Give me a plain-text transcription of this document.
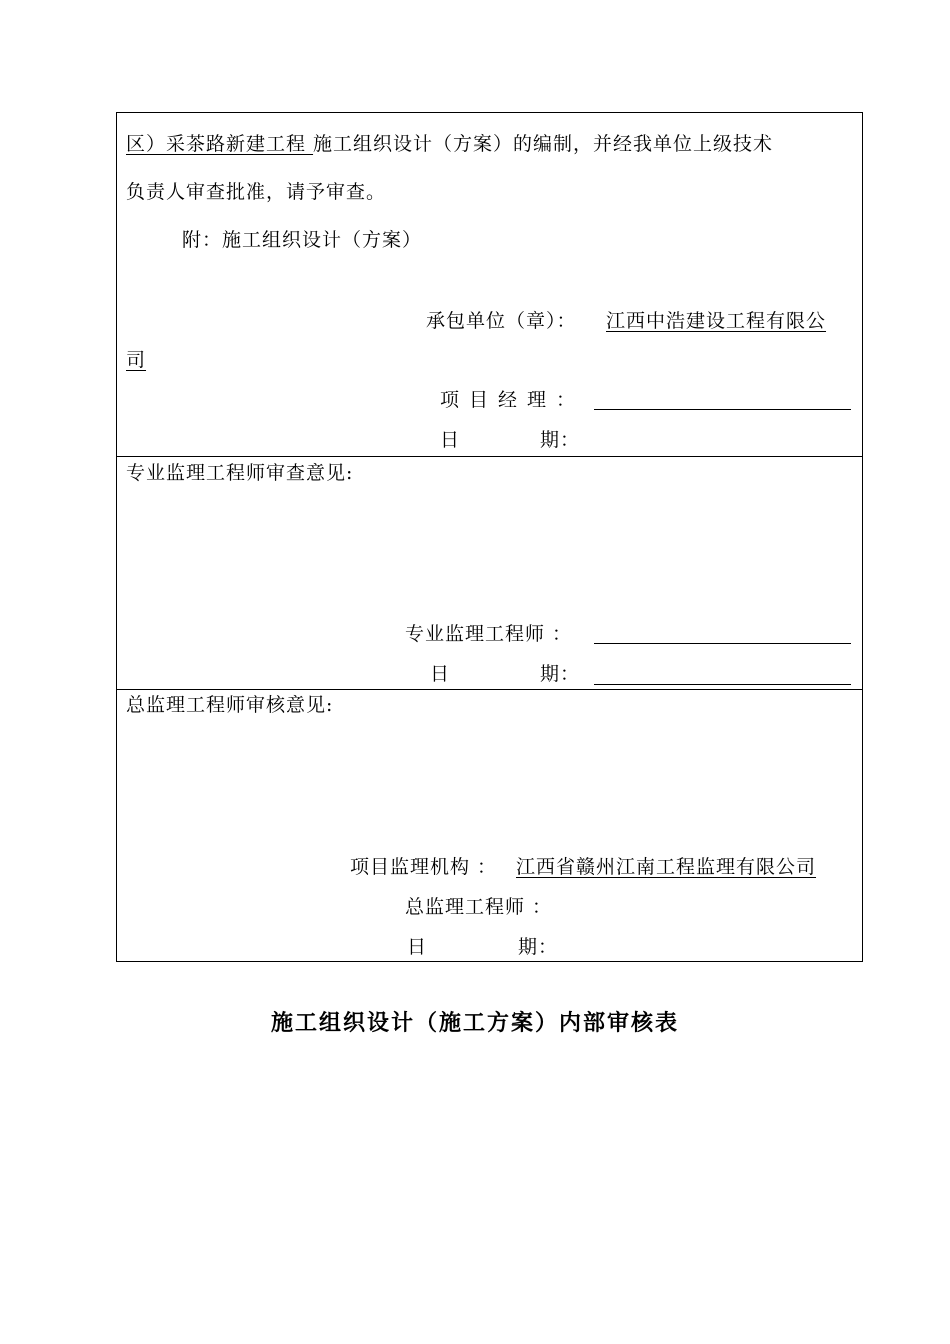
区）采茶路新建工程 施工组织设计（方案）的编制，并经我单位上级技术
负责人审查批准，请予审查。
附：施工组织设计（方案）
承包单位（章）： 江西中浩建设工程有限公
司
项目经理：
日	期：
专业监理工程师审查意见:
专业监理工程师 ：
日	期：
总监理工程师审核意见:
项目监理机构 ： 江西省赣州江南工程监理有限公司
总监理工程师 ：
日	期：
施工组织设计（施工方案）内部审核表
